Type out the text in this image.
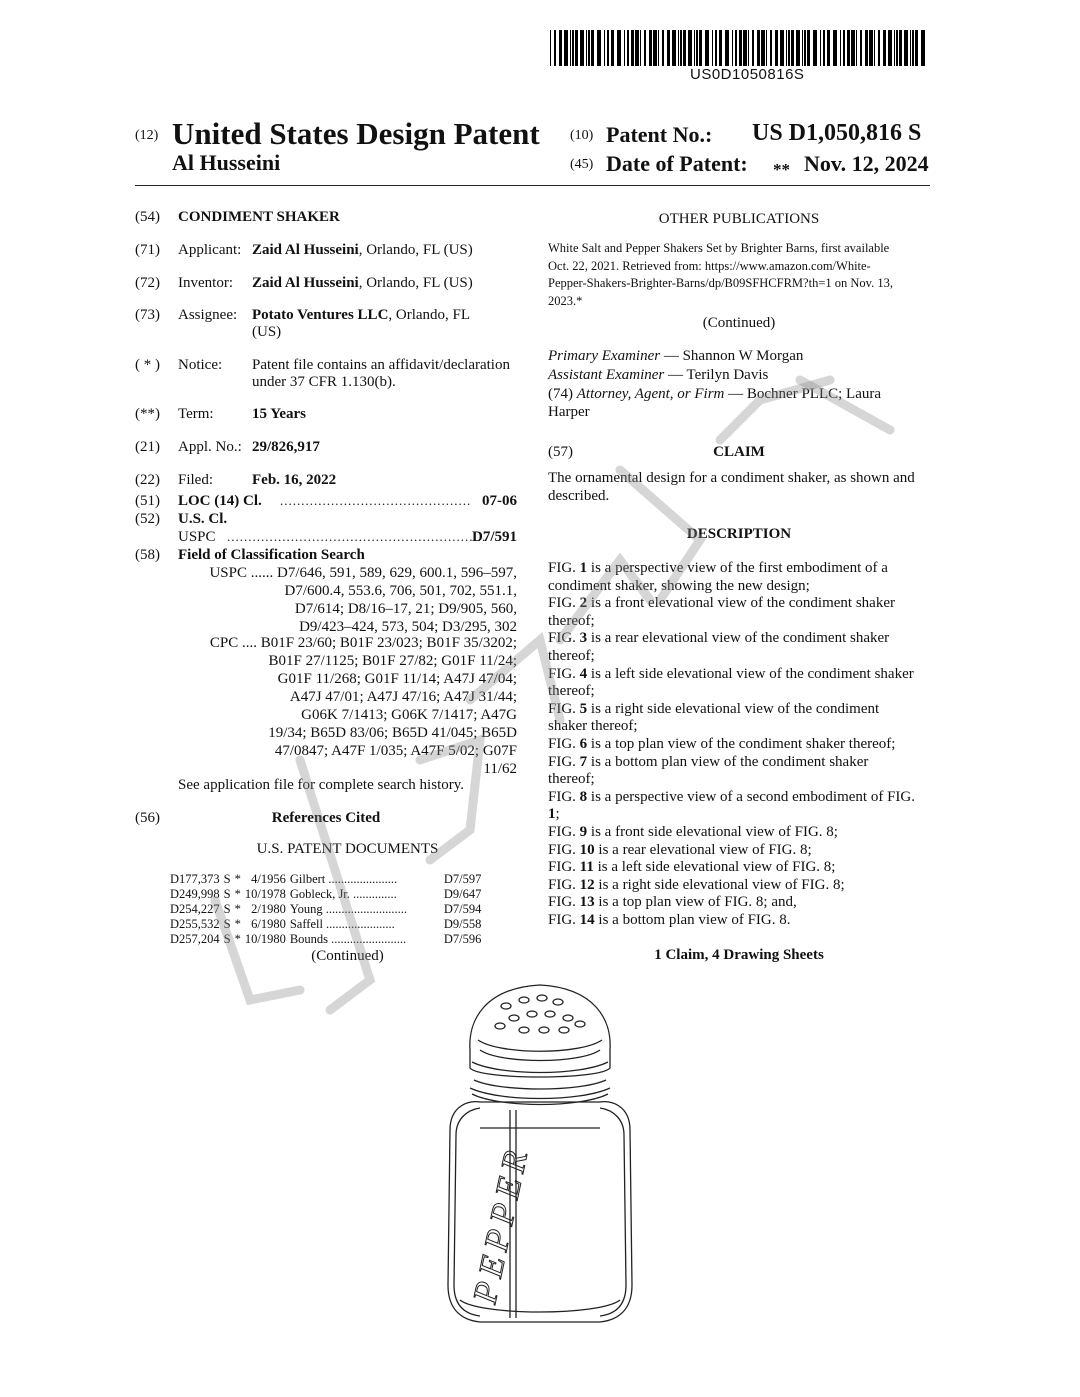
US0D1050816S
(12) United States Design Patent (10) Patent No.: US D1,050,816 S
Al Husseini	(45) Date of Patent: ** Nov. 12, 2024
(54) CONDIMENT SHAKER
(71) Applicant: Zaid Al Husseini, Orlando, FL (US)
(72) Inventor: Zaid Al Husseini, Orlando, FL (US)
(73) Assignee: Potato Ventures LLC, Orlando, FL
(US)
( * ) Notice: Patent file contains an affidavit/declaration
under 37 CFR 1.130(b).
(**) Term:	15 Years
(21) Appl. No.: 29/826,917
(22) Filed:	Feb. 16, 2022
(51) LOC (14) Cl. ............................................. 07-06
(52) U.S. Cl.
USPC .............................................................
D7/591
(58) Field of Classification Search
USPC ...... D7/646, 591, 589, 629, 600.1, 596–597,
D7/600.4, 553.6, 706, 501, 702, 551.1,
D7/614; D8/16–17, 21; D9/905, 560,
D9/423–424, 573, 504; D3/295, 302
CPC .... B01F 23/60; B01F 23/023; B01F 35/3202;
B01F 27/1125; B01F 27/82; G01F 11/24;
G01F 11/268; G01F 11/14; A47J 47/04;
A47J 47/01; A47J 47/16; A47J 31/44;
G06K 7/1413; G06K 7/1417; A47G
19/34; B65D 83/06; B65D 41/045; B65D
47/0847; A47F 1/035; A47F 5/02; G07F
11/62
See application file for complete search history.
(56)	References Cited
U.S. PATENT DOCUMENTS
D177,373	S	*	4/1956	Gilbert ......................	D7/597
D249,998	S	*	10/1978	Gobleck, Jr. ..............	D9/647
D254,227	S	*	2/1980	Young ..........................	D7/594
D255,532	S	*	6/1980	Saffell ......................	D9/558
D257,204	S	*	10/1980	Bounds ........................	D7/596
(Continued)
OTHER PUBLICATIONS
White Salt and Pepper Shakers Set by Brighter Barns, first available
Oct. 22, 2021. Retrieved from: https://www.amazon.com/White-
Pepper-Shakers-Brighter-Barns/dp/B09SFHCFRM?th=1 on Nov. 13,
2023.*
(Continued)
Primary Examiner — Shannon W Morgan
Assistant Examiner — Terilyn Davis
(74) Attorney, Agent, or Firm — Bochner PLLC; Laura
Harper
(57)	CLAIM
The ornamental design for a condiment shaker, as shown and
described.
DESCRIPTION

FIG. 1 is a perspective view of the first embodiment of a

condiment shaker, showing the new design;

FIG. 2 is a front elevational view of the condiment shaker

thereof;

FIG. 3 is a rear elevational view of the condiment shaker

thereof;

FIG. 4 is a left side elevational view of the condiment shaker

thereof;

FIG. 5 is a right side elevational view of the condiment

shaker thereof;

FIG. 6 is a top plan view of the condiment shaker thereof;

FIG. 7 is a bottom plan view of the condiment shaker

thereof;

FIG. 8 is a perspective view of a second embodiment of FIG.

1;

FIG. 9 is a front side elevational view of FIG. 8;

FIG. 10 is a rear elevational view of FIG. 8;

FIG. 11 is a left side elevational view of FIG. 8;

FIG. 12 is a right side elevational view of FIG. 8;

FIG. 13 is a top plan view of FIG. 8; and,

FIG. 14 is a bottom plan view of FIG. 8.

1 Claim, 4 Drawing Sheets
PEPPER
